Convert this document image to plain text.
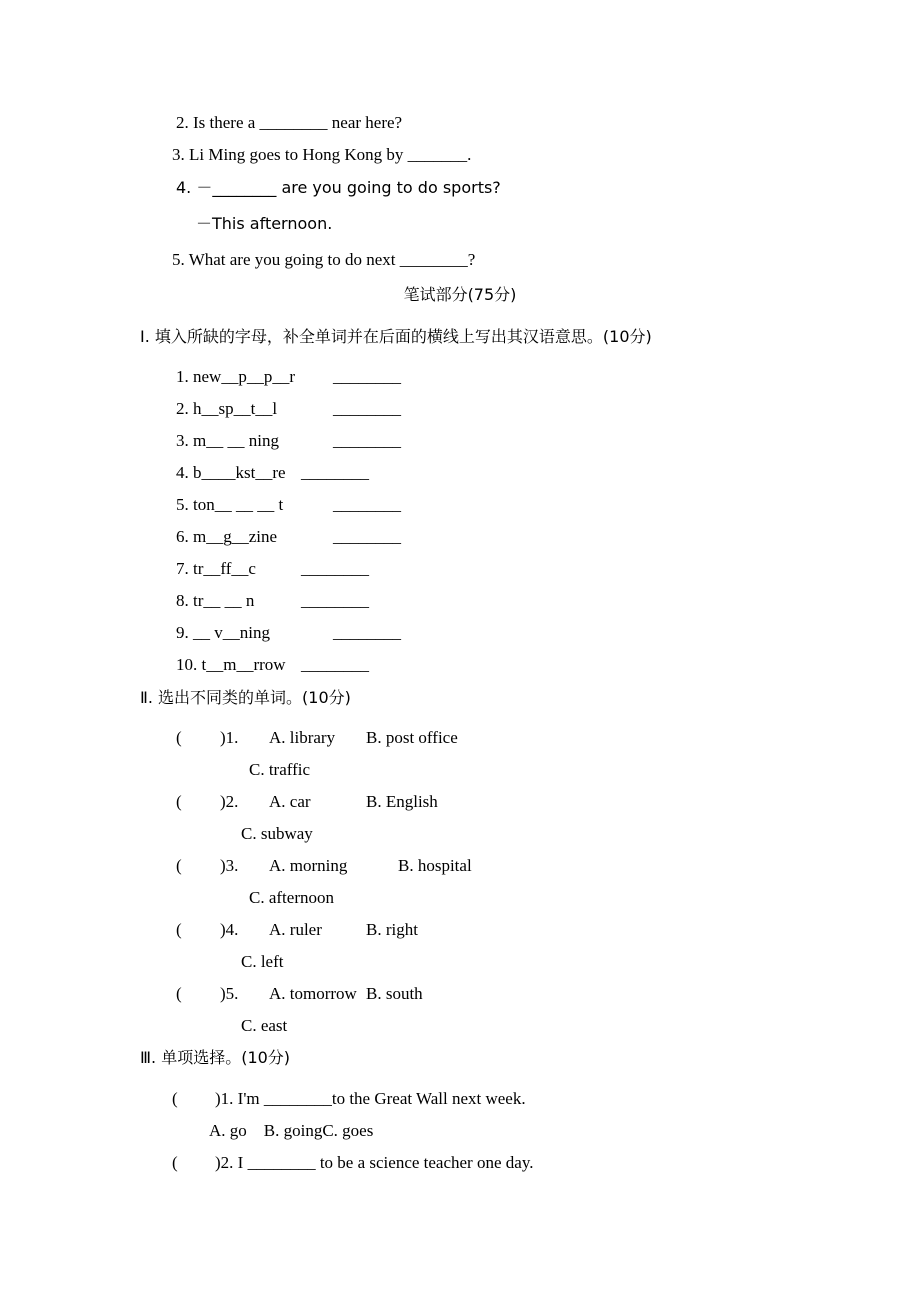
2. Is there a ________ near here?
3. Li Ming goes to Hong Kong by _______.
4. －________ are you going to do sports?
－This afternoon.
5. What are you going to do next ________?
笔试部分(75分)
Ⅰ. 填入所缺的字母，补全单词并在后面的横线上写出其汉语意思。(10分)
1. new__p__p__r ________
2. h__sp__t__l	________
3. m__ __ ning	________
4. b____kst__re ________
5. ton__ __ __ t	________
6. m__g__zine	________
7. tr__ff__c	________
8. tr__ __ n	________
9. __ v__ning	________
10. t__m__rrow ________
Ⅱ. 选出不同类的单词。(10分)
( )1. A. library B. post office
C. traffic
( )2. A. car	B. English
C. subway
( )3. A. morning	B. hospital
C. afternoon
( )4. A. ruler	B. right
C. left
( )5. A. tomorrow B. south
C. east
Ⅲ. 单项选择。(10分)
( )1. I'm ________to the Great Wall next week.
A. go    B. goingC. goes
( )2. I ________ to be a science teacher one day.
